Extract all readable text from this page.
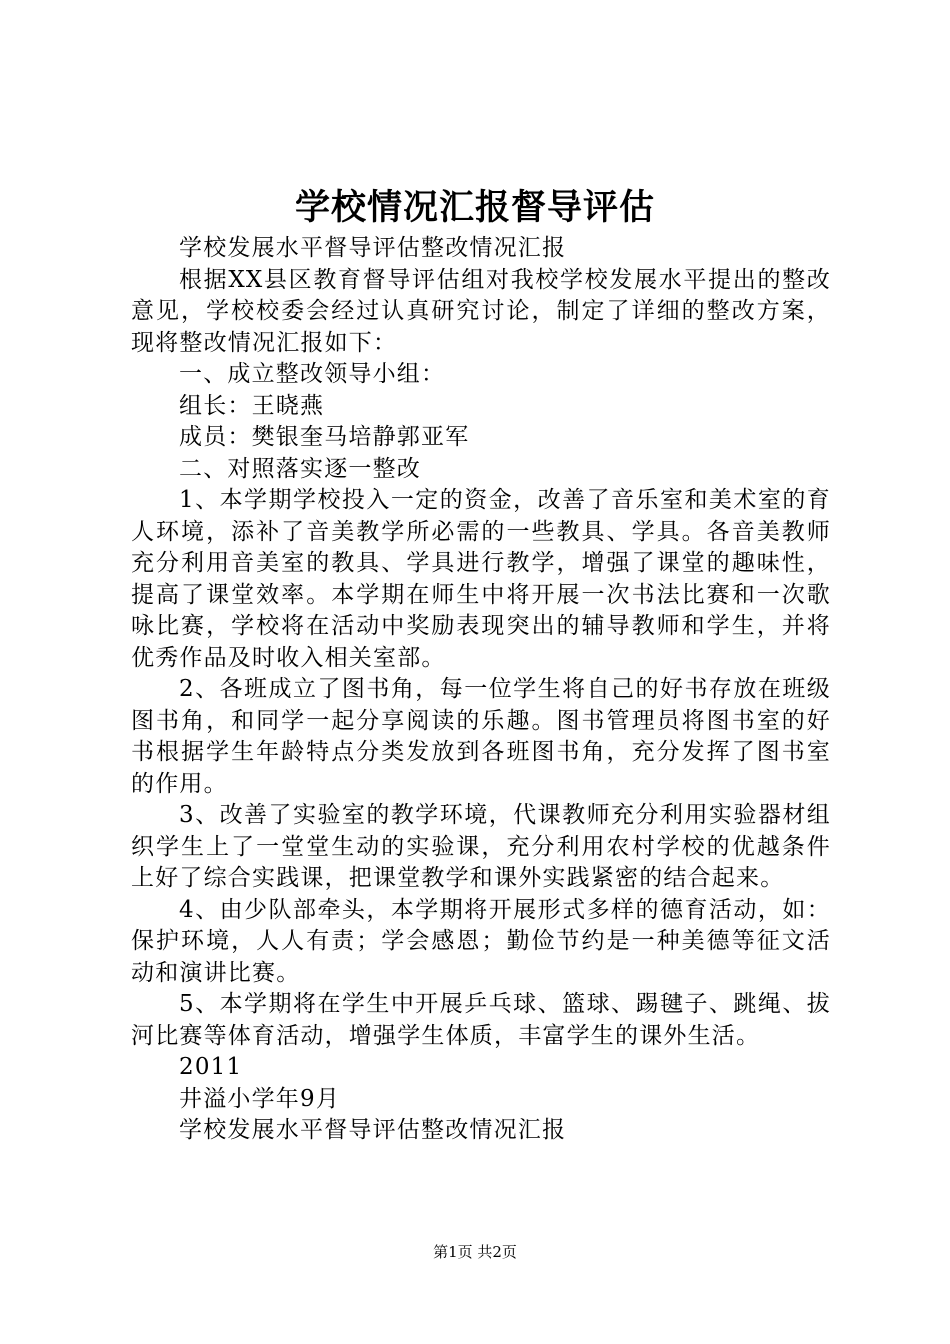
学校情况汇报督导评估

学校发展水平督导评估整改情况汇报

根据XX县区教育督导评估组对我校学校发展水平提出的整改意见，学校校委会经过认真研究讨论，制定了详细的整改方案，现将整改情况汇报如下：

一、成立整改领导小组：

组长：王晓燕

成员：樊银奎马培静郭亚军

二、对照落实逐一整改

1、本学期学校投入一定的资金，改善了音乐室和美术室的育人环境，添补了音美教学所必需的一些教具、学具。各音美教师充分利用音美室的教具、学具进行教学，增强了课堂的趣味性，提高了课堂效率。本学期在师生中将开展一次书法比赛和一次歌咏比赛，学校将在活动中奖励表现突出的辅导教师和学生，并将优秀作品及时收入相关室部。

2、各班成立了图书角，每一位学生将自己的好书存放在班级图书角，和同学一起分享阅读的乐趣。图书管理员将图书室的好书根据学生年龄特点分类发放到各班图书角，充分发挥了图书室的作用。

3、改善了实验室的教学环境，代课教师充分利用实验器材组织学生上了一堂堂生动的实验课，充分利用农村学校的优越条件上好了综合实践课，把课堂教学和课外实践紧密的结合起来。

4、由少队部牵头，本学期将开展形式多样的德育活动，如：保护环境，人人有责；学会感恩；勤俭节约是一种美德等征文活动和演讲比赛。

5、本学期将在学生中开展乒乓球、篮球、踢毽子、跳绳、拔河比赛等体育活动，增强学生体质，丰富学生的课外生活。

2011

井溢小学年9月

学校发展水平督导评估整改情况汇报

第1页 共2页
